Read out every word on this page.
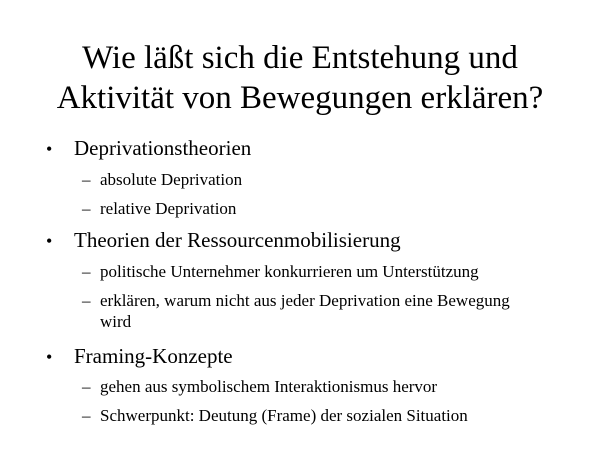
Wie läßt sich die Entstehung und
Aktivität von Bewegungen erklären?
• Deprivationstheorien
– absolute Deprivation
– relative Deprivation
• Theorien der Ressourcenmobilisierung
– politische Unternehmer konkurrieren um Unterstützung
– erklären, warum nicht aus jeder Deprivation eine Bewegung wird
• Framing-Konzepte
– gehen aus symbolischem Interaktionismus hervor
– Schwerpunkt: Deutung (Frame) der sozialen Situation
